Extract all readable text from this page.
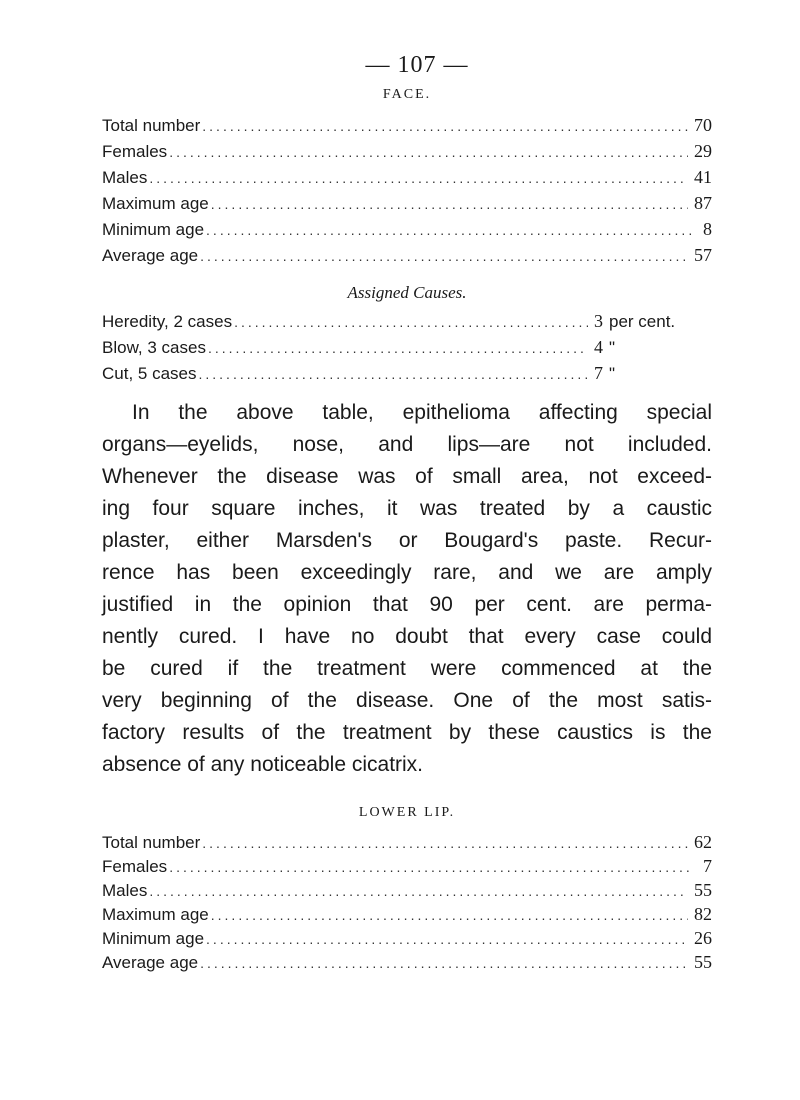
— 107 —
FACE.
Total number .....	70
Females .....	29
Males .....	41
Maximum age .....	87
Minimum age .....	8
Average age .....	57
Assigned Causes.
Heredity, 2 cases .....	3 per cent.
Blow, 3 cases .....	4 "
Cut, 5 cases .....	7 "
In the above table, epithelioma affecting special
organs—eyelids, nose, and lips—are not included.
Whenever the disease was of small area, not exceed-
ing four square inches, it was treated by a caustic
plaster, either Marsden's or Bougard's paste. Recur-
rence has been exceedingly rare, and we are amply
justified in the opinion that 90 per cent. are perma-
nently cured. I have no doubt that every case could
be cured if the treatment were commenced at the
very beginning of the disease. One of the most satis-
factory results of the treatment by these caustics is the
absence of any noticeable cicatrix.
LOWER LIP.
Total number .....	62
Females .....	7
Males .....	55
Maximum age .....	82
Minimum age .....	26
Average age .....	55
